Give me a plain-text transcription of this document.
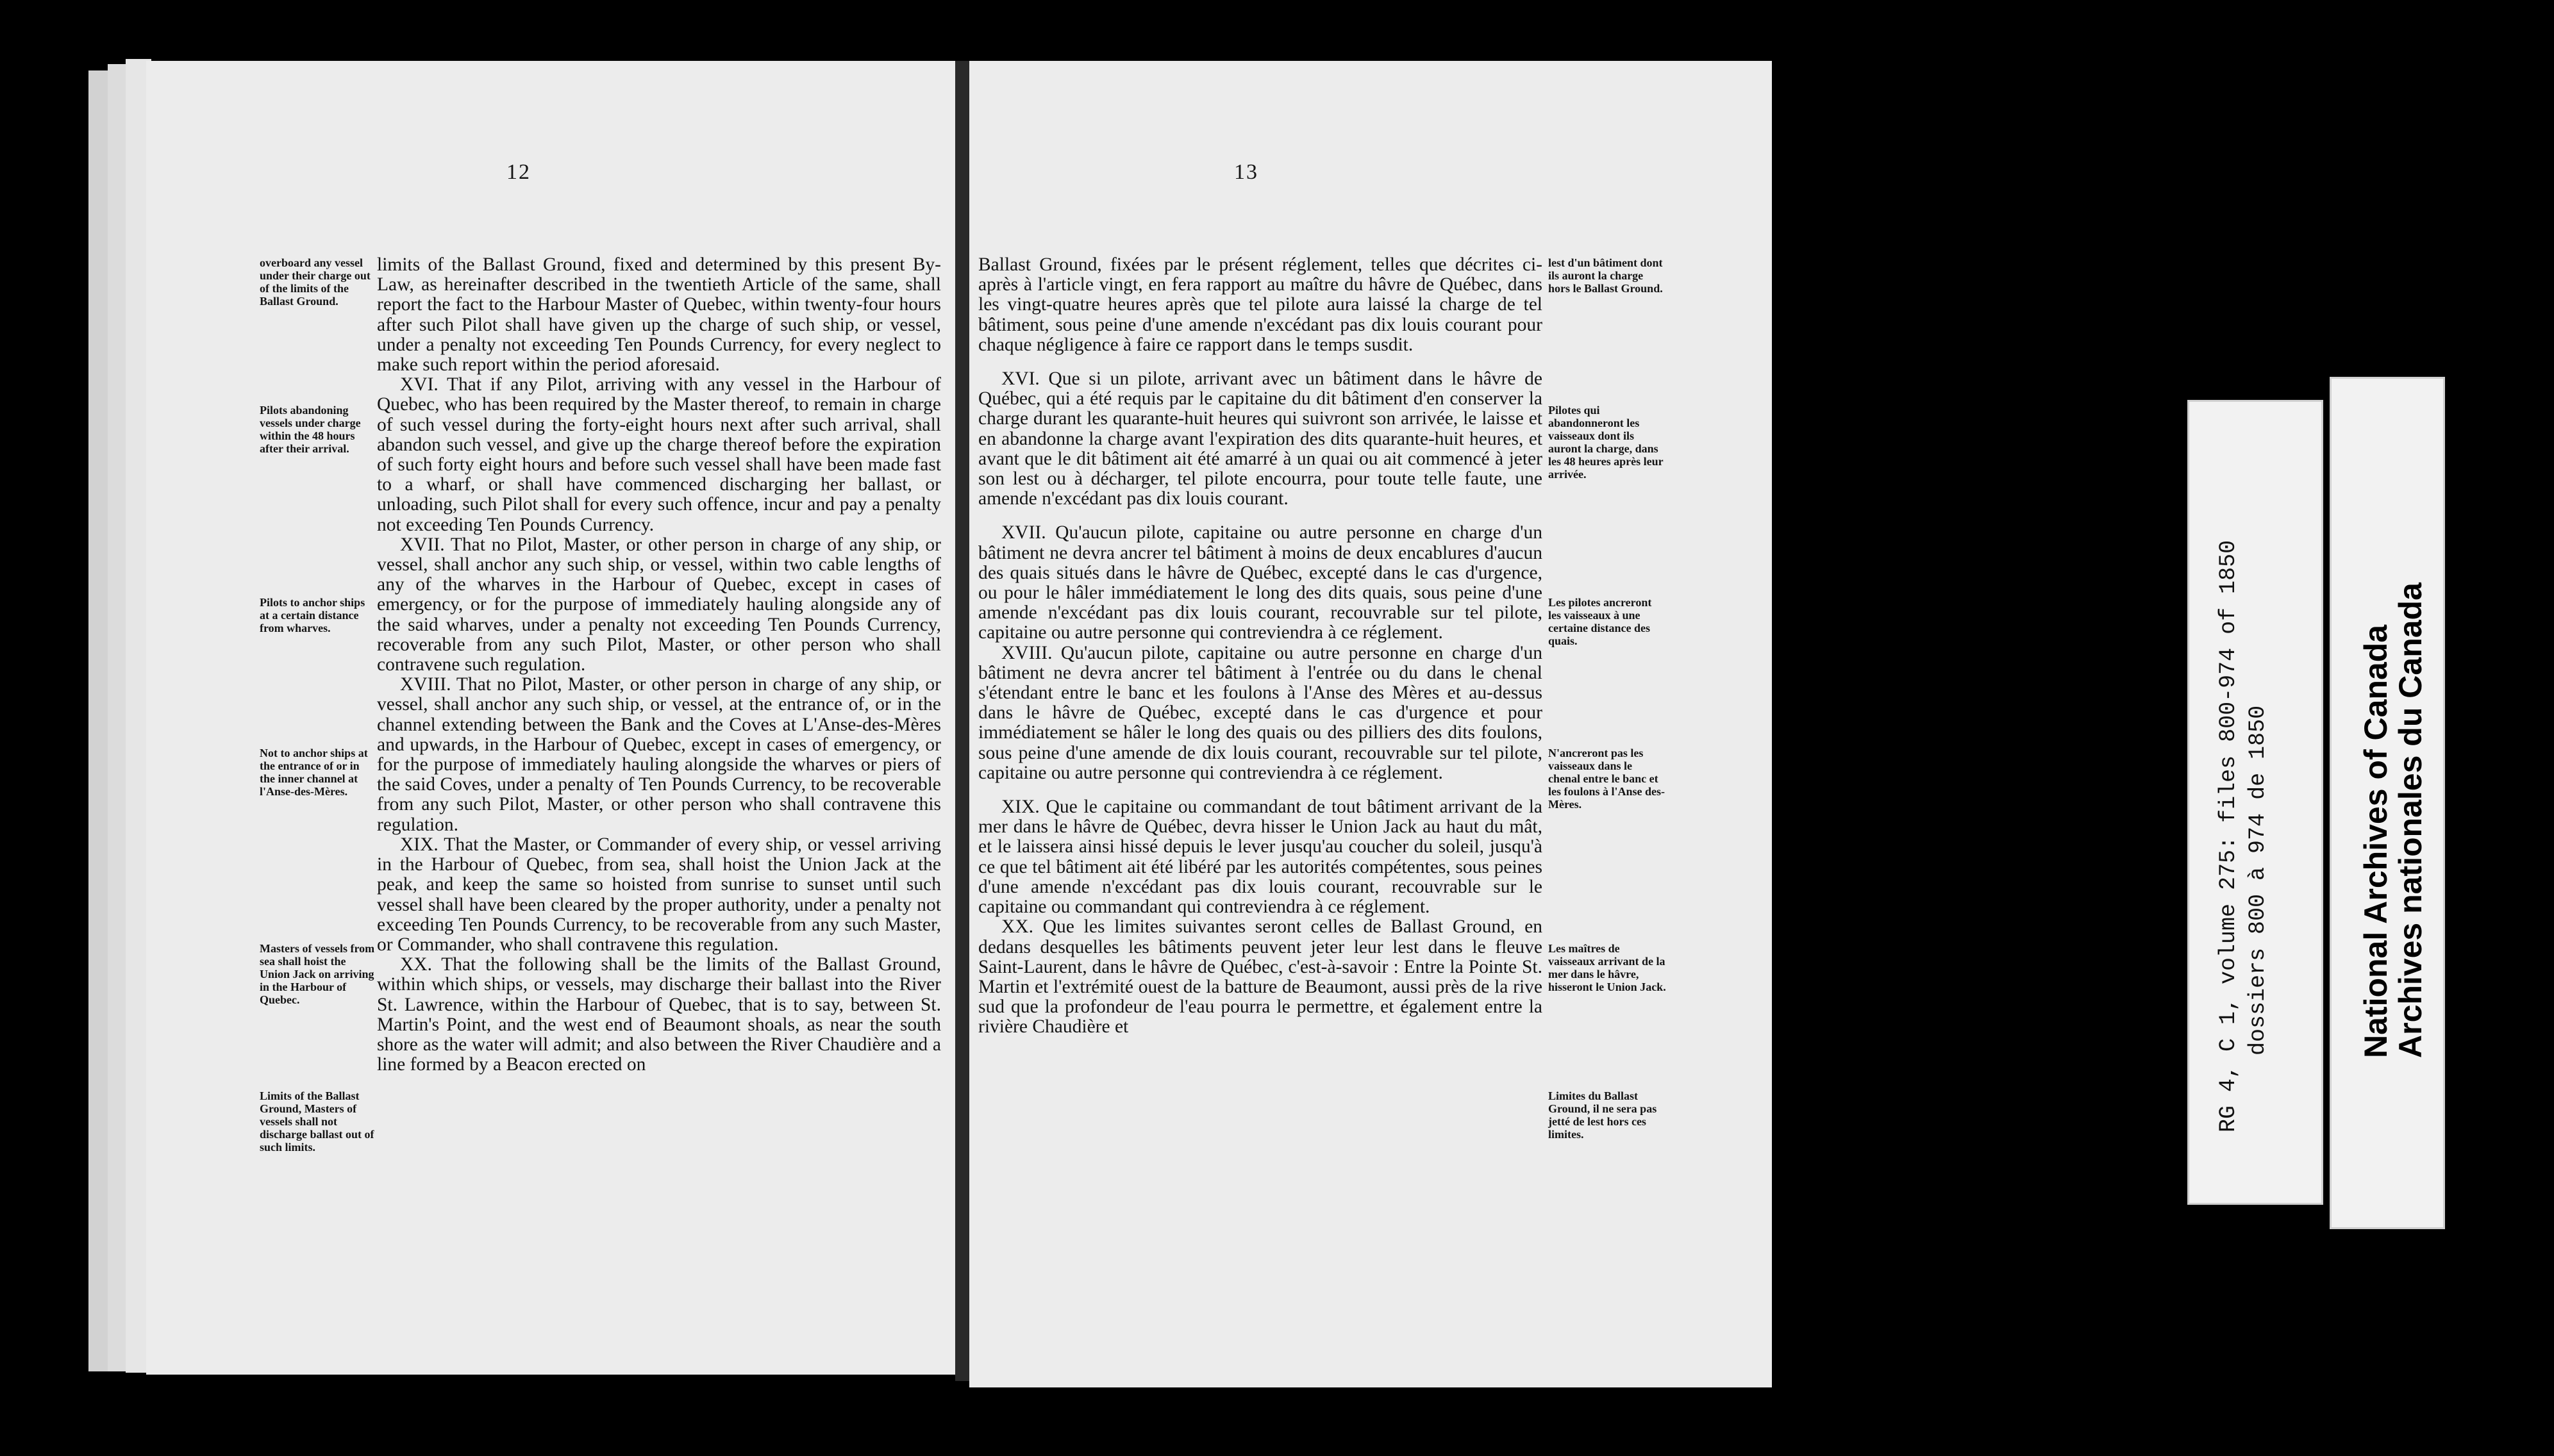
12	13

limits of the Ballast Ground, fixed and determined by this present By-Law, as hereinafter described in the twentieth Article of the same, shall report the fact to the Harbour Master of Quebec, within twenty-four hours after such Pilot shall have given up the charge of such ship, or vessel, under a penalty not exceeding Ten Pounds Currency, for every neglect to make such report within the period aforesaid.

XVI. That if any Pilot, arriving with any vessel in the Harbour of Quebec, who has been required by the Master thereof, to remain in charge of such vessel during the forty-eight hours next after such arrival, shall abandon such vessel, and give up the charge thereof before the expiration of such forty eight hours and before such vessel shall have been made fast to a wharf, or shall have commenced discharging her ballast, or unloading, such Pilot shall for every such offence, incur and pay a penalty not exceeding Ten Pounds Currency.

XVII. That no Pilot, Master, or other person in charge of any ship, or vessel, shall anchor any such ship, or vessel, within two cable lengths of any of the wharves in the Harbour of Quebec, except in cases of emergency, or for the purpose of immediately hauling alongside any of the said wharves, under a penalty not exceeding Ten Pounds Currency, recoverable from any such Pilot, Master, or other person who shall contravene such regulation.

XVIII. That no Pilot, Master, or other person in charge of any ship, or vessel, shall anchor any such ship, or vessel, at the entrance of, or in the channel extending between the Bank and the Coves at L'Anse-des-Mères and upwards, in the Harbour of Quebec, except in cases of emergency, or for the purpose of immediately hauling alongside the wharves or piers of the said Coves, under a penalty of Ten Pounds Currency, to be recoverable from any such Pilot, Master, or other person who shall contravene this regulation.

XIX. That the Master, or Commander of every ship, or vessel arriving in the Harbour of Quebec, from sea, shall hoist the Union Jack at the peak, and keep the same so hoisted from sunrise to sunset until such vessel shall have been cleared by the proper authority, under a penalty not exceeding Ten Pounds Currency, to be recoverable from any such Master, or Commander, who shall contravene this regulation.

XX. That the following shall be the limits of the Ballast Ground, within which ships, or vessels, may discharge their ballast into the River St. Lawrence, within the Harbour of Quebec, that is to say, between St. Martin's Point, and the west end of Beaumont shoals, as near the south shore as the water will admit; and also between the River Chaudière and a line formed by a Beacon erected on

overboard any vessel under their charge out of the limits of the Ballast Ground.
Pilots abandoning vessels under charge within the 48 hours after their arrival.
Pilots to anchor ships at a certain distance from wharves.
Not to anchor ships at the entrance of or in the inner channel at l'Anse-des-Mères.
Masters of vessels from sea shall hoist the Union Jack on arriving in the Harbour of Quebec.
Limits of the Ballast Ground, Masters of vessels shall not discharge ballast out of such limits.

Ballast Ground, fixées par le présent réglement, telles que décrites ci-après à l'article vingt, en fera rapport au maître du hâvre de Québec, dans les vingt-quatre heures après que tel pilote aura laissé la charge de tel bâtiment, sous peine d'une amende n'excédant pas dix louis courant pour chaque négligence à faire ce rapport dans le temps susdit.

XVI. Que si un pilote, arrivant avec un bâtiment dans le hâvre de Québec, qui a été requis par le capitaine du dit bâtiment d'en conserver la charge durant les quarante-huit heures qui suivront son arrivée, le laisse et en abandonne la charge avant l'expiration des dits quarante-huit heures, et avant que le dit bâtiment ait été amarré à un quai ou ait commencé à jeter son lest ou à décharger, tel pilote encourra, pour toute telle faute, une amende n'excédant pas dix louis courant.

XVII. Qu'aucun pilote, capitaine ou autre personne en charge d'un bâtiment ne devra ancrer tel bâtiment à moins de deux encablures d'aucun des quais situés dans le hâvre de Québec, excepté dans le cas d'urgence, ou pour le hâler immédiatement le long des dits quais, sous peine d'une amende n'excédant pas dix louis courant, recouvrable sur tel pilote, capitaine ou autre personne qui contreviendra à ce réglement.

XVIII. Qu'aucun pilote, capitaine ou autre personne en charge d'un bâtiment ne devra ancrer tel bâtiment à l'entrée ou du dans le chenal s'étendant entre le banc et les foulons à l'Anse des Mères et au-dessus dans le hâvre de Québec, excepté dans le cas d'urgence et pour immédiatement se hâler le long des quais ou des pilliers des dits foulons, sous peine d'une amende de dix louis courant, recouvrable sur tel pilote, capitaine ou autre personne qui contreviendra à ce réglement.

XIX. Que le capitaine ou commandant de tout bâtiment arrivant de la mer dans le hâvre de Québec, devra hisser le Union Jack au haut du mât, et le laissera ainsi hissé depuis le lever jusqu'au coucher du soleil, jusqu'à ce que tel bâtiment ait été libéré par les autorités compétentes, sous peines d'une amende n'excédant pas dix louis courant, recouvrable sur le capitaine ou commandant qui contreviendra à ce réglement.

XX. Que les limites suivantes seront celles de Ballast Ground, en dedans desquelles les bâtiments peuvent jeter leur lest dans le fleuve Saint-Laurent, dans le hâvre de Québec, c'est-à-savoir : Entre la Pointe St. Martin et l'extrémité ouest de la batture de Beaumont, aussi près de la rive sud que la profondeur de l'eau pourra le permettre, et également entre la rivière Chaudière et

lest d'un bâtiment dont ils auront la charge hors le Ballast Ground.
Pilotes qui abandonneront les vaisseaux dont ils auront la charge, dans les 48 heures après leur arrivée.
Les pilotes ancreront les vaisseaux à une certaine distance des quais.
N'ancreront pas les vaisseaux dans le chenal entre le banc et les foulons à l'Anse des-Mères.
Les maîtres de vaisseaux arrivant de la mer dans le hâvre, hisseront le Union Jack.
Limites du Ballast Ground, il ne sera pas jetté de lest hors ces limites.
RG 4, C 1, volume 275: files 800-974 of 1850 dossiers 800 à 974 de 1850	National Archives of Canada
Archives nationales du Canada
